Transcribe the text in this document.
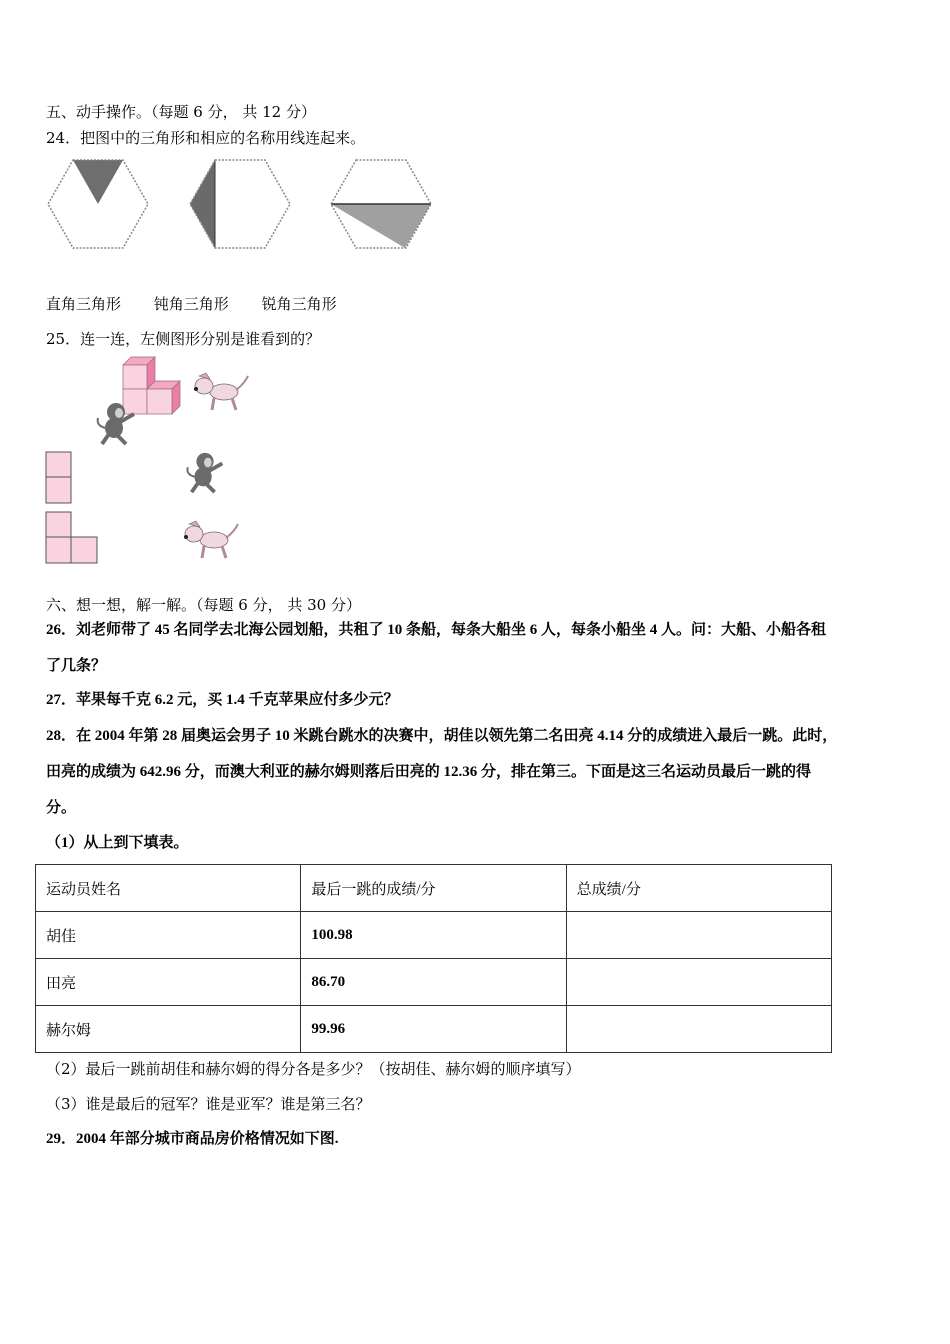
五、动手操作。（每题 6 分， 共 12 分）
24．把图中的三角形和相应的名称用线连起来。
直角三角形 钝角三角形 锐角三角形
25．连一连，左侧图形分别是谁看到的？
六、想一想，解一解。（每题 6 分， 共 30 分）
26．刘老师带了 45 名同学去北海公园划船，共租了 10 条船，每条大船坐 6 人，每条小船坐 4 人。问：大船、小船各租
了几条？
27．苹果每千克 6.2 元，买 1.4 千克苹果应付多少元？
28．在 2004 年第 28 届奥运会男子 10 米跳台跳水的决赛中，胡佳以领先第二名田亮 4.14 分的成绩进入最后一跳。此时，
田亮的成绩为 642.96 分，而澳大利亚的赫尔姆则落后田亮的 12.36 分，排在第三。下面是这三名运动员最后一跳的得
分。
（1）从上到下填表。
运动员姓名	最后一跳的成绩/分	总成绩/分
胡佳	100.98	
田亮	86.70	
赫尔姆	99.96	
（2）最后一跳前胡佳和赫尔姆的得分各是多少？（按胡佳、赫尔姆的顺序填写）
（3）谁是最后的冠军？谁是亚军？谁是第三名？
29．2004 年部分城市商品房价格情况如下图.
